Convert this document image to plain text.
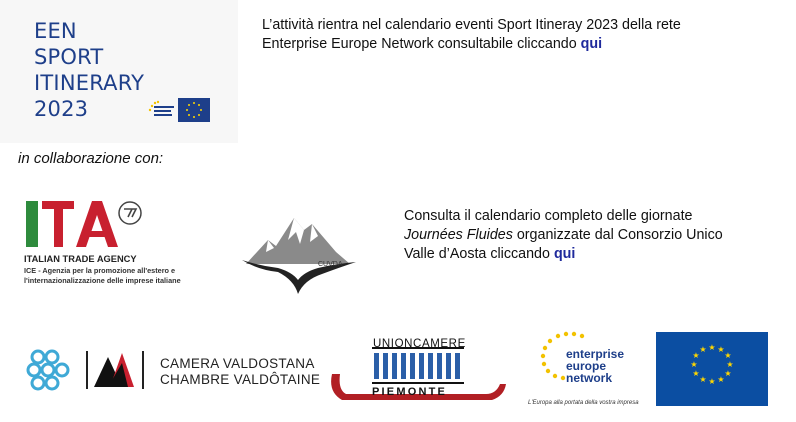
EEN
SPORT
ITINERARY
2023
L’attività rientra nel calendario eventi Sport Itineray 2023 della rete Enterprise Europe Network consultabile cliccando qui
in collaborazione con:
ITALIAN TRADE AGENCY
ICE - Agenzia per la promozione all'estero e
l'internazionalizzazione delle imprese italiane
CUVDA
Consulta il calendario completo delle giornate
Journées Fluides organizzate dal Consorzio Unico
Valle d’Aosta cliccando qui
CAMERA VALDOSTANA
CHAMBRE VALDÔTAINE
UNIONCAMERE
PIEMONTE
enterprise
europe
network
L'Europa alla portata della vostra impresa
★ ★
★
★
★
★
★
★
★
★
★
★
